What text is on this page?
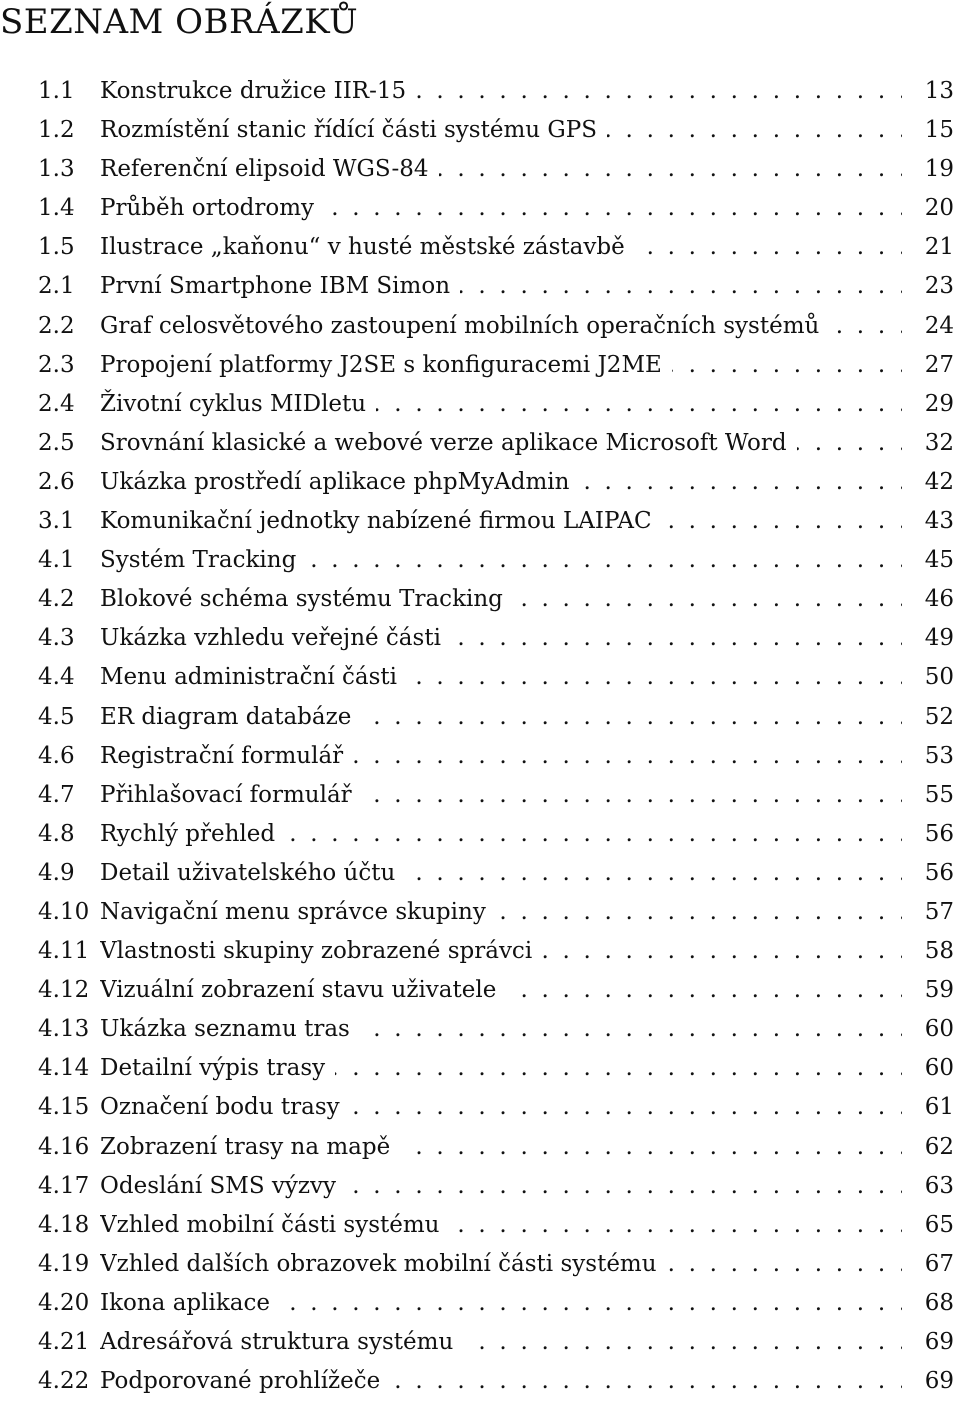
SEZNAM OBRÁZKŮ
1.1 . . . Konstrukce družice IIR-15	13
1.2 . . . Rozmístění stanic řídící části systému GPS	15
1.3 . . . Referenční elipsoid WGS-84	19
1.4 . . . Průběh ortodromy	20
1.5 . . . Ilustrace „kaňonu“ v husté městské zástavbě	21
2.1 . . . První Smartphone IBM Simon	23
2.2 . . . Graf celosvětového zastoupení mobilních operačních systémů	24
2.3 . . . Propojení platformy J2SE s konfiguracemi J2ME	27
2.4 . . . Životní cyklus MIDletu	29
2.5 . . . Srovnání klasické a webové verze aplikace Microsoft Word	32
2.6 . . . Ukázka prostředí aplikace phpMyAdmin	42
3.1 . . . Komunikační jednotky nabízené firmou LAIPAC	43
4.1 . . . Systém Tracking	45
4.2 . . . Blokové schéma systému Tracking	46
4.3 . . . Ukázka vzhledu veřejné části	49
4.4 . . . Menu administrační části	50
4.5 . . . ER diagram databáze	52
4.6 . . . Registrační formulář	53
4.7 . . . Přihlašovací formulář	55
4.8 . . . Rychlý přehled	56
4.9 . . . Detail uživatelského účtu	56
4.10 . . . Navigační menu správce skupiny	57
4.11 . . . Vlastnosti skupiny zobrazené správci	58
4.12 . . . Vizuální zobrazení stavu uživatele	59
4.13 . . . Ukázka seznamu tras	60
4.14 . . . Detailní výpis trasy	60
4.15 . . . Označení bodu trasy	61
4.16 . . . Zobrazení trasy na mapě	62
4.17 . . . Odeslání SMS výzvy	63
4.18 . . . Vzhled mobilní části systému	65
4.19 . . . Vzhled dalších obrazovek mobilní části systému	67
4.20 . . . Ikona aplikace	68
4.21 . . . Adresářová struktura systému	69
4.22 . . . Podporované prohlížeče	69
